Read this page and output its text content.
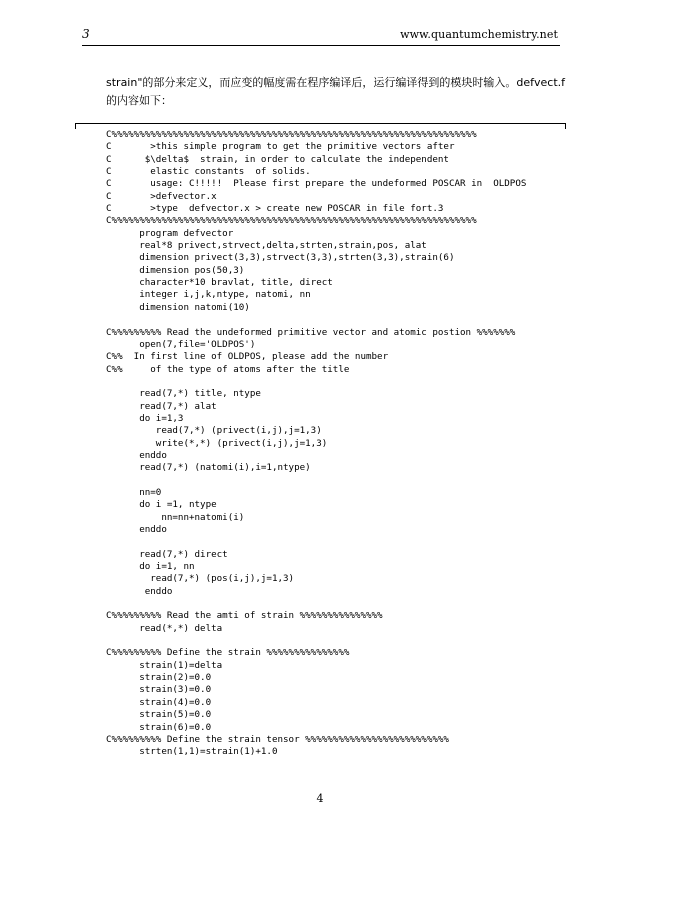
3	www.quantumchemistry.net
strain"的部分来定义，而应变的幅度需在程序编译后，运行编译得到的模块时输入。defvect.f的内容如下：
C%%%%%%%%%%%%%%%%%%%%%%%%%%%%%%%%%%%%%%%%%%%%%%%%%%%%%%%%%%%%%%%%%%
C       >this simple program to get the primitive vectors after
C      $\delta$  strain, in order to calculate the independent
C       elastic constants  of solids.
C       usage: C!!!!!  Please first prepare the undeformed POSCAR in  OLDPOS
C       >defvector.x
C       >type  defvector.x > create new POSCAR in file fort.3
C%%%%%%%%%%%%%%%%%%%%%%%%%%%%%%%%%%%%%%%%%%%%%%%%%%%%%%%%%%%%%%%%%%
program defvector
real*8 privect,strvect,delta,strten,strain,pos, alat
dimension privect(3,3),strvect(3,3),strten(3,3),strain(6)
dimension pos(50,3)
character*10 bravlat, title, direct
integer i,j,k,ntype, natomi, nn
dimension natomi(10)
C%%%%%%%%% Read the undeformed primitive vector and atomic postion %%%%%%%
open(7,file='OLDPOS')
C%%  In first line of OLDPOS, please add the number
C%%     of the type of atoms after the title
read(7,*) title, ntype
read(7,*) alat
do i=1,3
read(7,*) (privect(i,j),j=1,3)
write(*,*) (privect(i,j),j=1,3)
enddo
read(7,*) (natomi(i),i=1,ntype)
nn=0
do i =1, ntype
nn=nn+natomi(i)
enddo
read(7,*) direct
do i=1, nn
read(7,*) (pos(i,j),j=1,3)
enddo
C%%%%%%%%% Read the amti of strain %%%%%%%%%%%%%%%
read(*,*) delta
C%%%%%%%%% Define the strain %%%%%%%%%%%%%%%
strain(1)=delta
strain(2)=0.0
strain(3)=0.0
strain(4)=0.0
strain(5)=0.0
strain(6)=0.0
C%%%%%%%%% Define the strain tensor %%%%%%%%%%%%%%%%%%%%%%%%%%
strten(1,1)=strain(1)+1.0
4
